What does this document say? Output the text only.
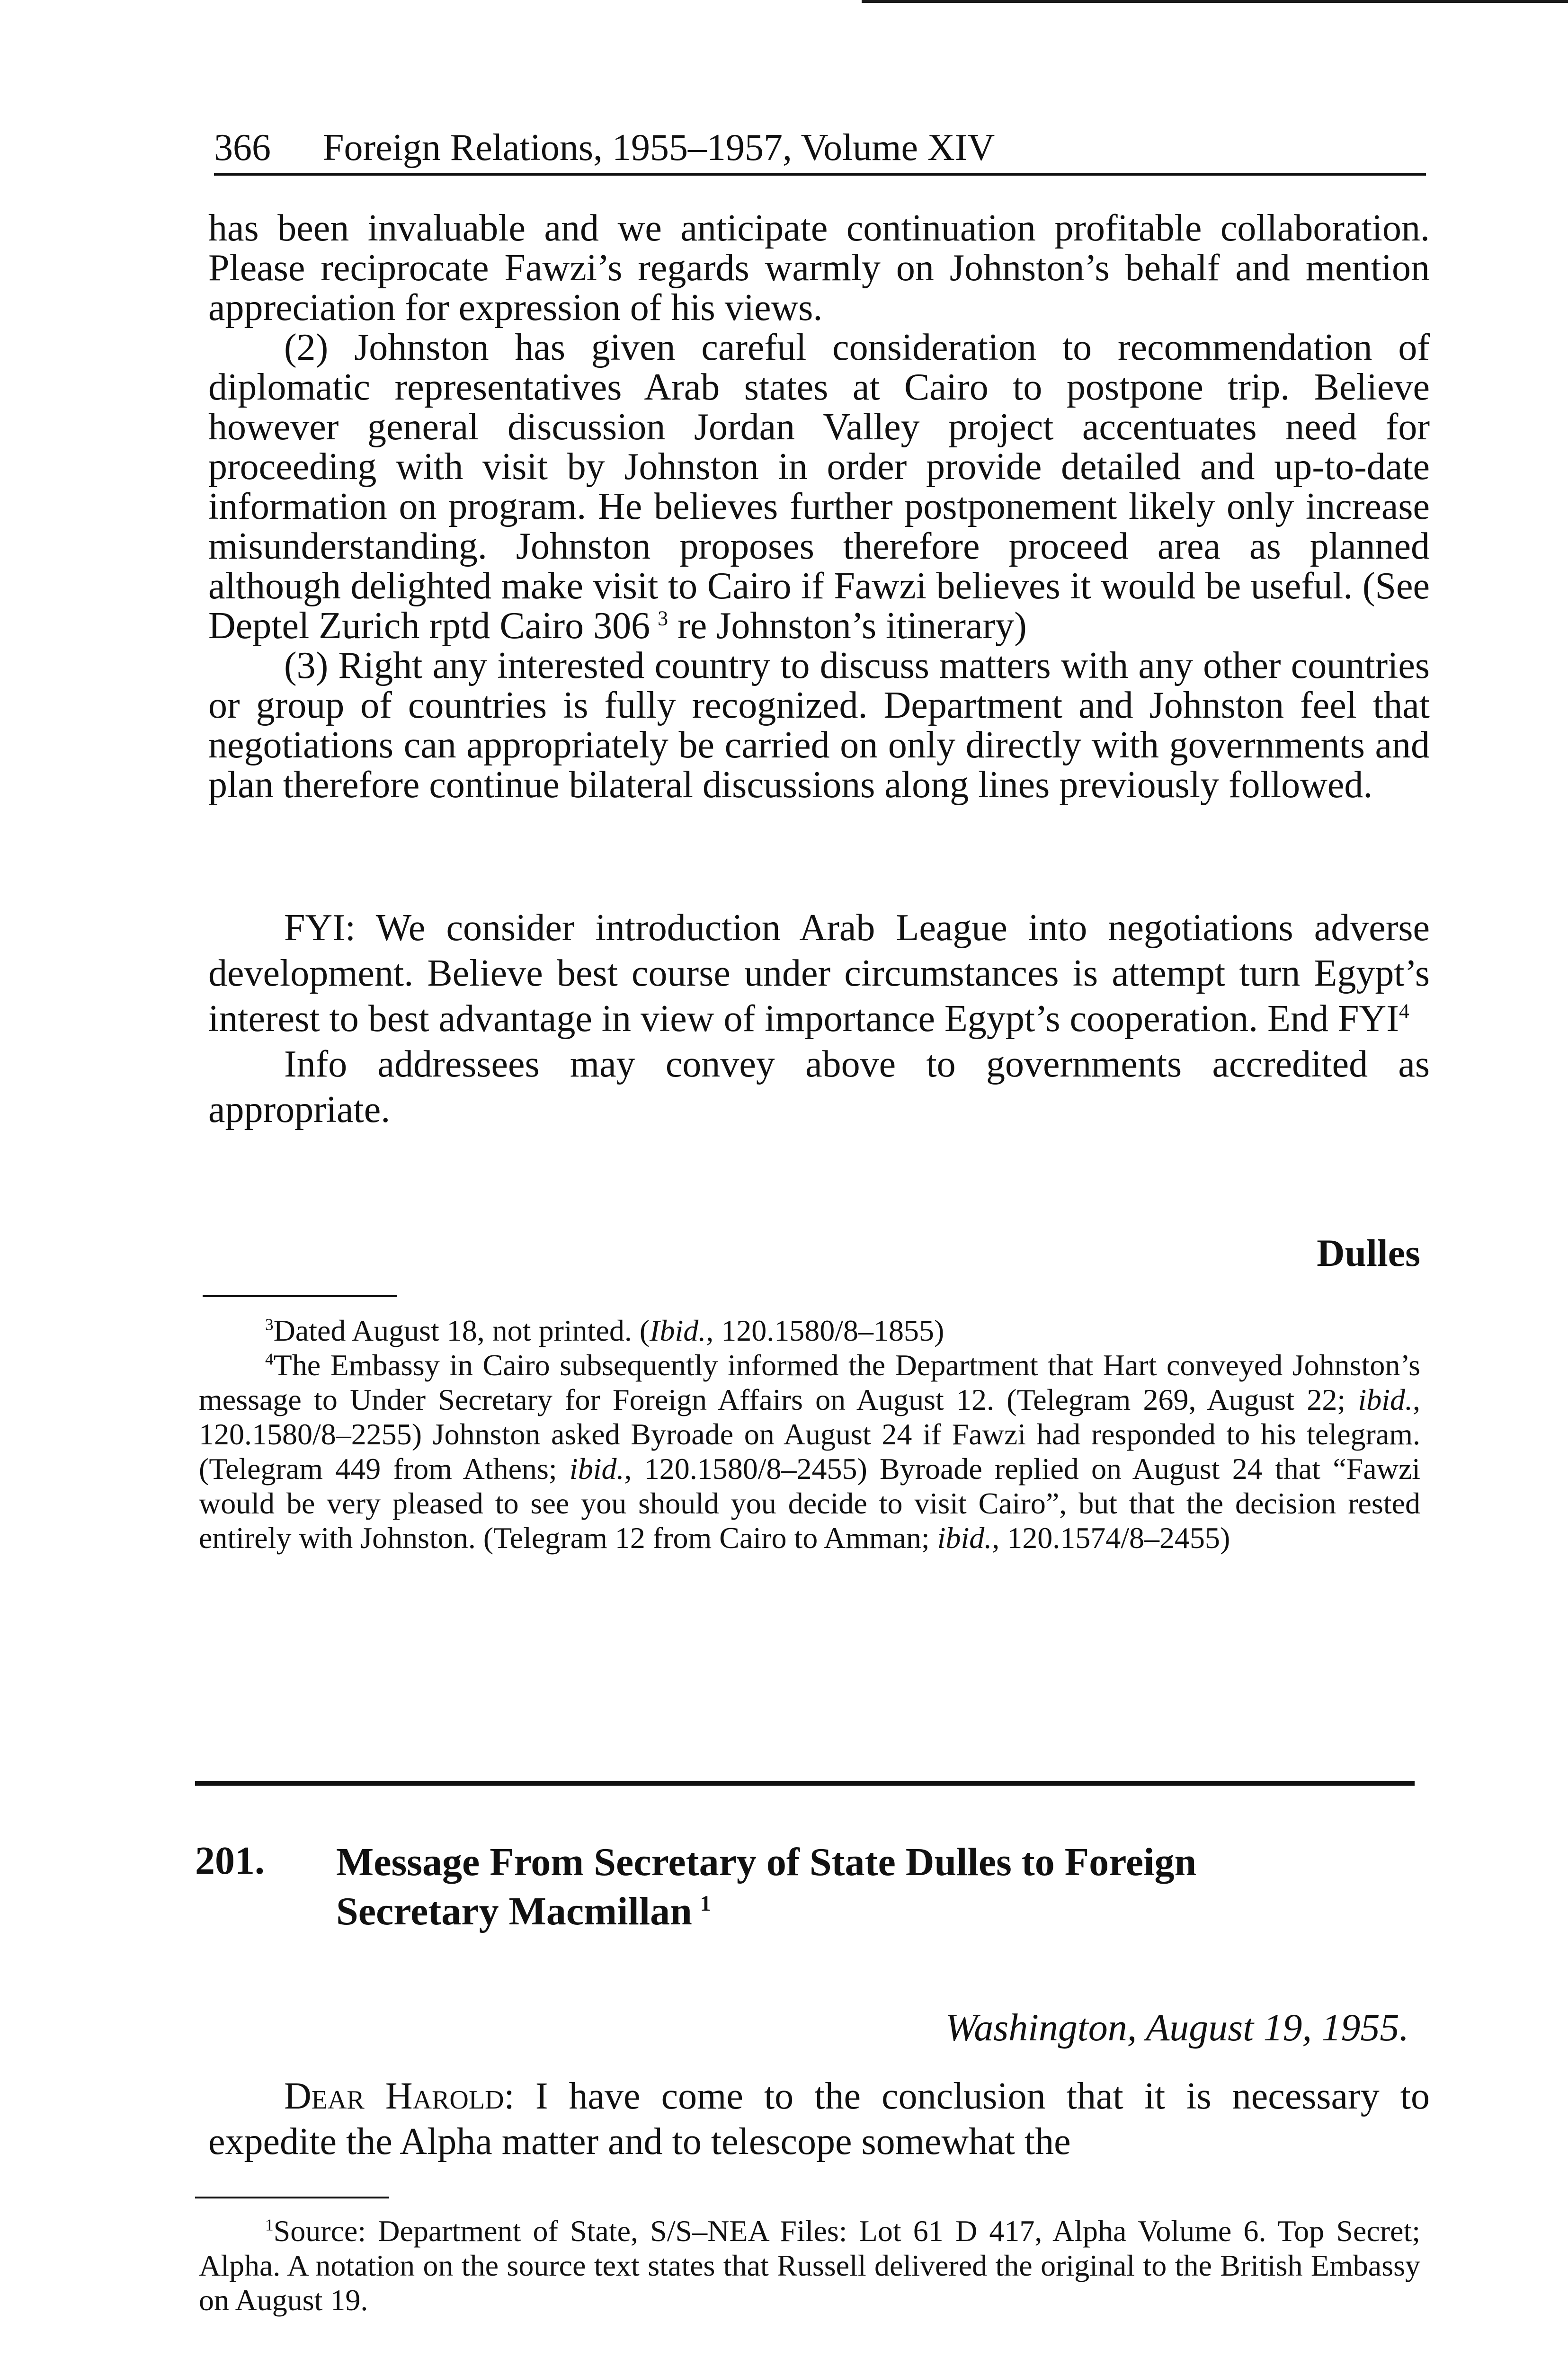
366 Foreign Relations, 1955–1957, Volume XIV

has been invaluable and we anticipate continuation profitable collaboration. Please reciprocate Fawzi’s regards warmly on Johnston’s behalf and mention appreciation for expression of his views.

(2) Johnston has given careful consideration to recommendation of diplomatic representatives Arab states at Cairo to postpone trip. Believe however general discussion Jordan Valley project accentuates need for proceeding with visit by Johnston in order provide detailed and up-to-date information on program. He believes further postponement likely only increase misunderstanding. Johnston proposes therefore proceed area as planned although delighted make visit to Cairo if Fawzi believes it would be useful. (See Deptel Zurich rptd Cairo 306  $^3$ re Johnston’s itinerary)

(3) Right any interested country to discuss matters with any other countries or group of countries is fully recognized. Department and Johnston feel that negotiations can appropriately be carried on only directly with governments and plan therefore continue bilateral discussions along lines previously followed.

FYI: We consider introduction Arab League into negotiations adverse development. Believe best course under circumstances is attempt turn Egypt’s interest to best advantage in view of importance Egypt’s cooperation. End FYI$^4$

Info addressees may convey above to governments accredited as appropriate.

Dulles

$^3$Dated August 18, not printed. (Ibid., 120.1580/8–1855)

$^4$The Embassy in Cairo subsequently informed the Department that Hart conveyed Johnston’s message to Under Secretary for Foreign Affairs on August 12. (Telegram 269, August 22; ibid., 120.1580/8–2255) Johnston asked Byroade on August 24 if Fawzi had responded to his telegram. (Telegram 449 from Athens; ibid., 120.1580/8–2455) Byroade replied on August 24 that “Fawzi would be very pleased to see you should you decide to visit Cairo”, but that the decision rested entirely with Johnston. (Telegram 12 from Cairo to Amman; ibid., 120.1574/8–2455)

201. Message From Secretary of State Dulles to Foreign Secretary Macmillan  $^1$
Washington, August 19, 1955.

Dear Harold: I have come to the conclusion that it is necessary to expedite the Alpha matter and to telescope somewhat the

$^1$Source: Department of State, S/S–NEA Files: Lot 61 D 417, Alpha Volume 6. Top Secret; Alpha. A notation on the source text states that Russell delivered the original to the British Embassy on August 19.
